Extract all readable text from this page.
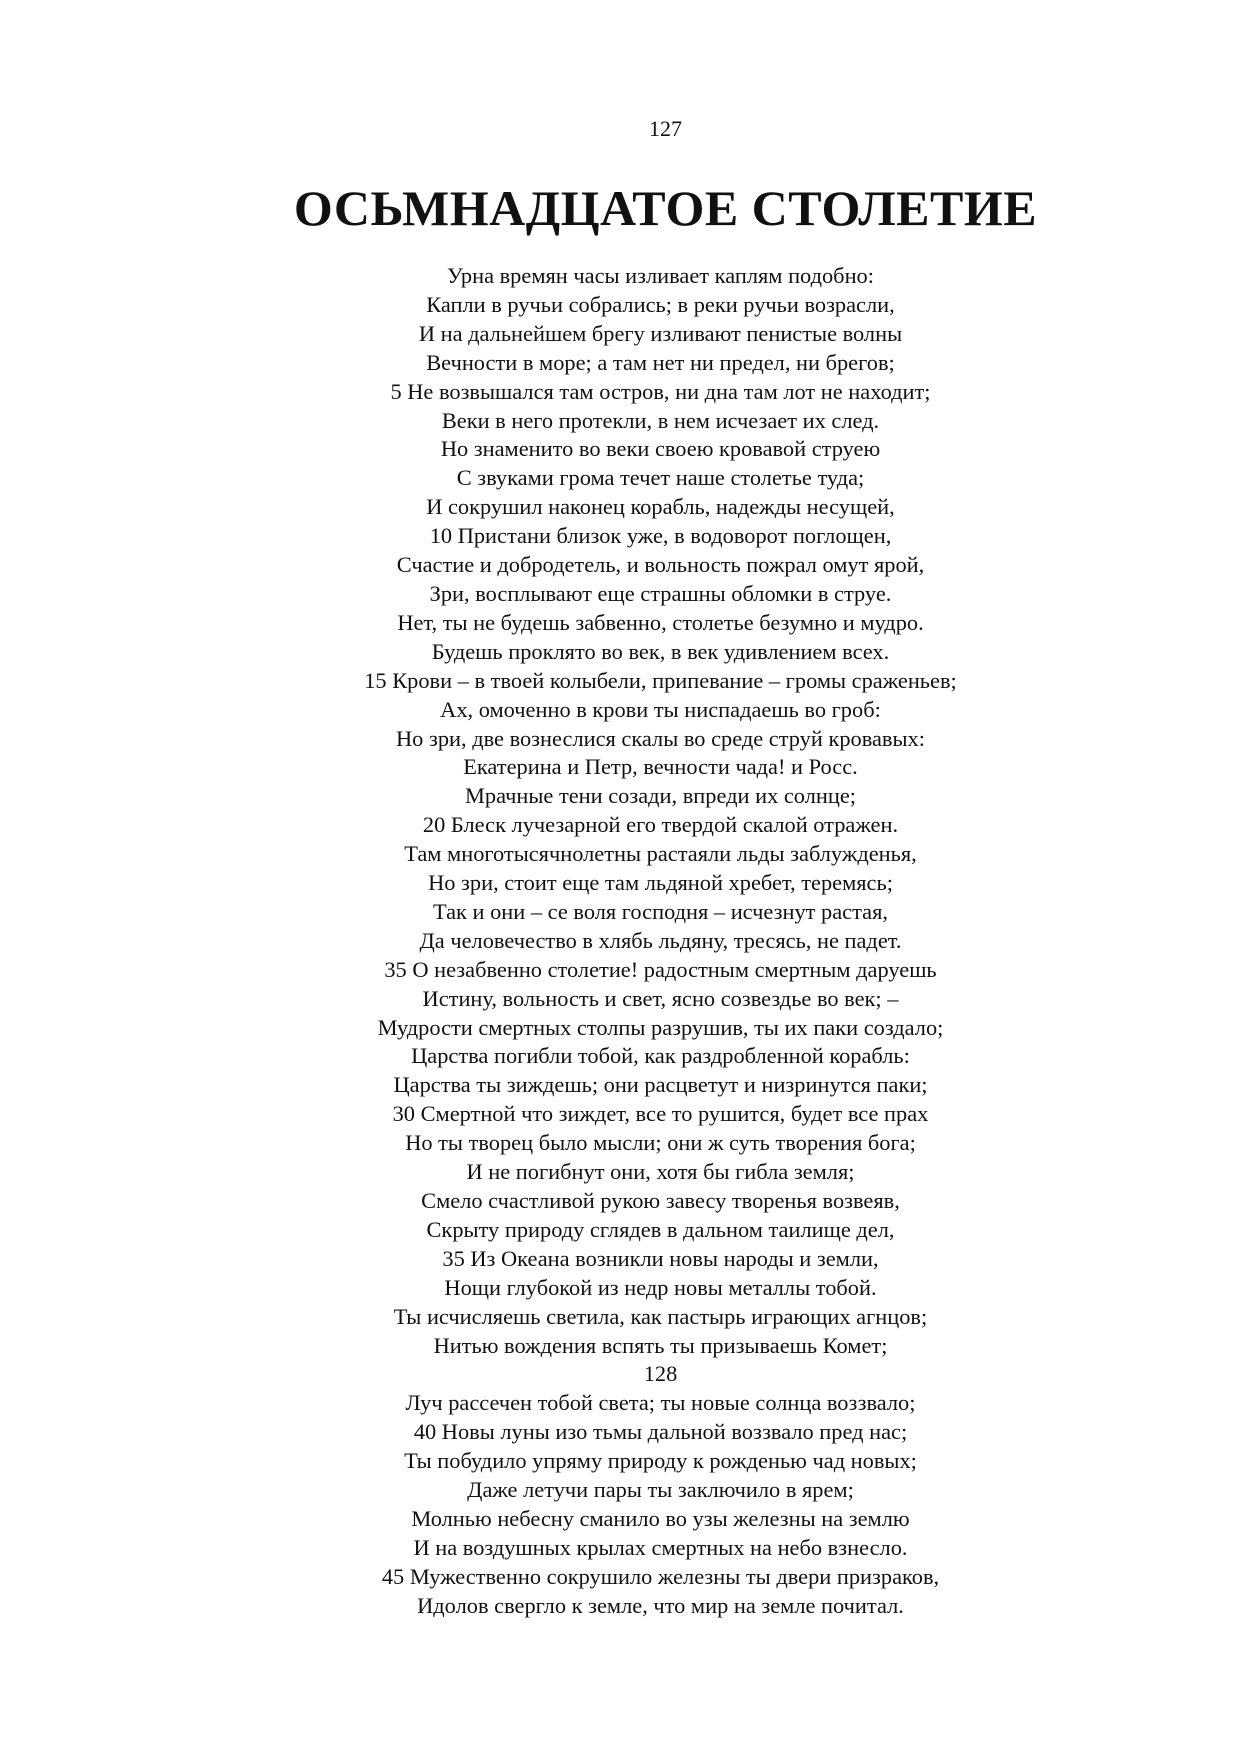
127
ОСЬМНАДЦАТОЕ СТОЛЕТИЕ
Урна времян часы изливает каплям подобно:
Капли в ручьи собрались; в реки ручьи возрасли,
И на дальнейшем брегу изливают пенистые волны
Вечности в море; а там нет ни предел, ни брегов;
5 Не возвышался там остров, ни дна там лот не находит;
Веки в него протекли, в нем исчезает их след.
Но знаменито во веки своею кровавой струею
С звуками грома течет наше столетье туда;
И сокрушил наконец корабль, надежды несущей,
10 Пристани близок уже, в водоворот поглощен,
Счастие и добродетель, и вольность пожрал омут ярой,
Зри, восплывают еще страшны обломки в струе.
Нет, ты не будешь забвенно, столетье безумно и мудро.
Будешь проклято во век, в век удивлением всех.
15 Крови – в твоей колыбели, припевание – громы сраженьев;
Ах, омоченно в крови ты ниспадаешь во гроб:
Но зри, две вознеслися скалы во среде струй кровавых:
Екатерина и Петр, вечности чада! и Росс.
Мрачные тени созади, впреди их солнце;
20 Блеск лучезарной его твердой скалой отражен.
Там многотысячнолетны растаяли льды заблужденья,
Но зри, стоит еще там льдяной хребет, теремясь;
Так и они – се воля господня – исчезнут растая,
Да человечество в хлябь льдяну, тресясь, не падет.
35 О незабвенно столетие! радостным смертным даруешь
Истину, вольность и свет, ясно созвездье во век; –
Мудрости смертных столпы разрушив, ты их паки создало;
Царства погибли тобой, как раздробленной корабль:
Царства ты зиждешь; они расцветут и низринутся паки;
30 Смертной что зиждет, все то рушится, будет все прах
Но ты творец было мысли; они ж суть творения бога;
И не погибнут они, хотя бы гибла земля;
Смело счастливой рукою завесу творенья возвеяв,
Скрыту природу сглядев в дальном таилище дел,
35 Из Океана возникли новы народы и земли,
Нощи глубокой из недр новы металлы тобой.
Ты исчисляешь светила, как пастырь играющих агнцов;
Нитью вождения вспять ты призываешь Комет;
128
Луч рассечен тобой света; ты новые солнца воззвало;
40 Новы луны изо тьмы дальной воззвало пред нас;
Ты побудило упряму природу к рожденью чад новых;
Даже летучи пары ты заключило в ярем;
Молнью небесну сманило во узы железны на землю
И на воздушных крылах смертных на небо взнесло.
45 Мужественно сокрушило железны ты двери призраков,
Идолов свергло к земле, что мир на земле почитал.
